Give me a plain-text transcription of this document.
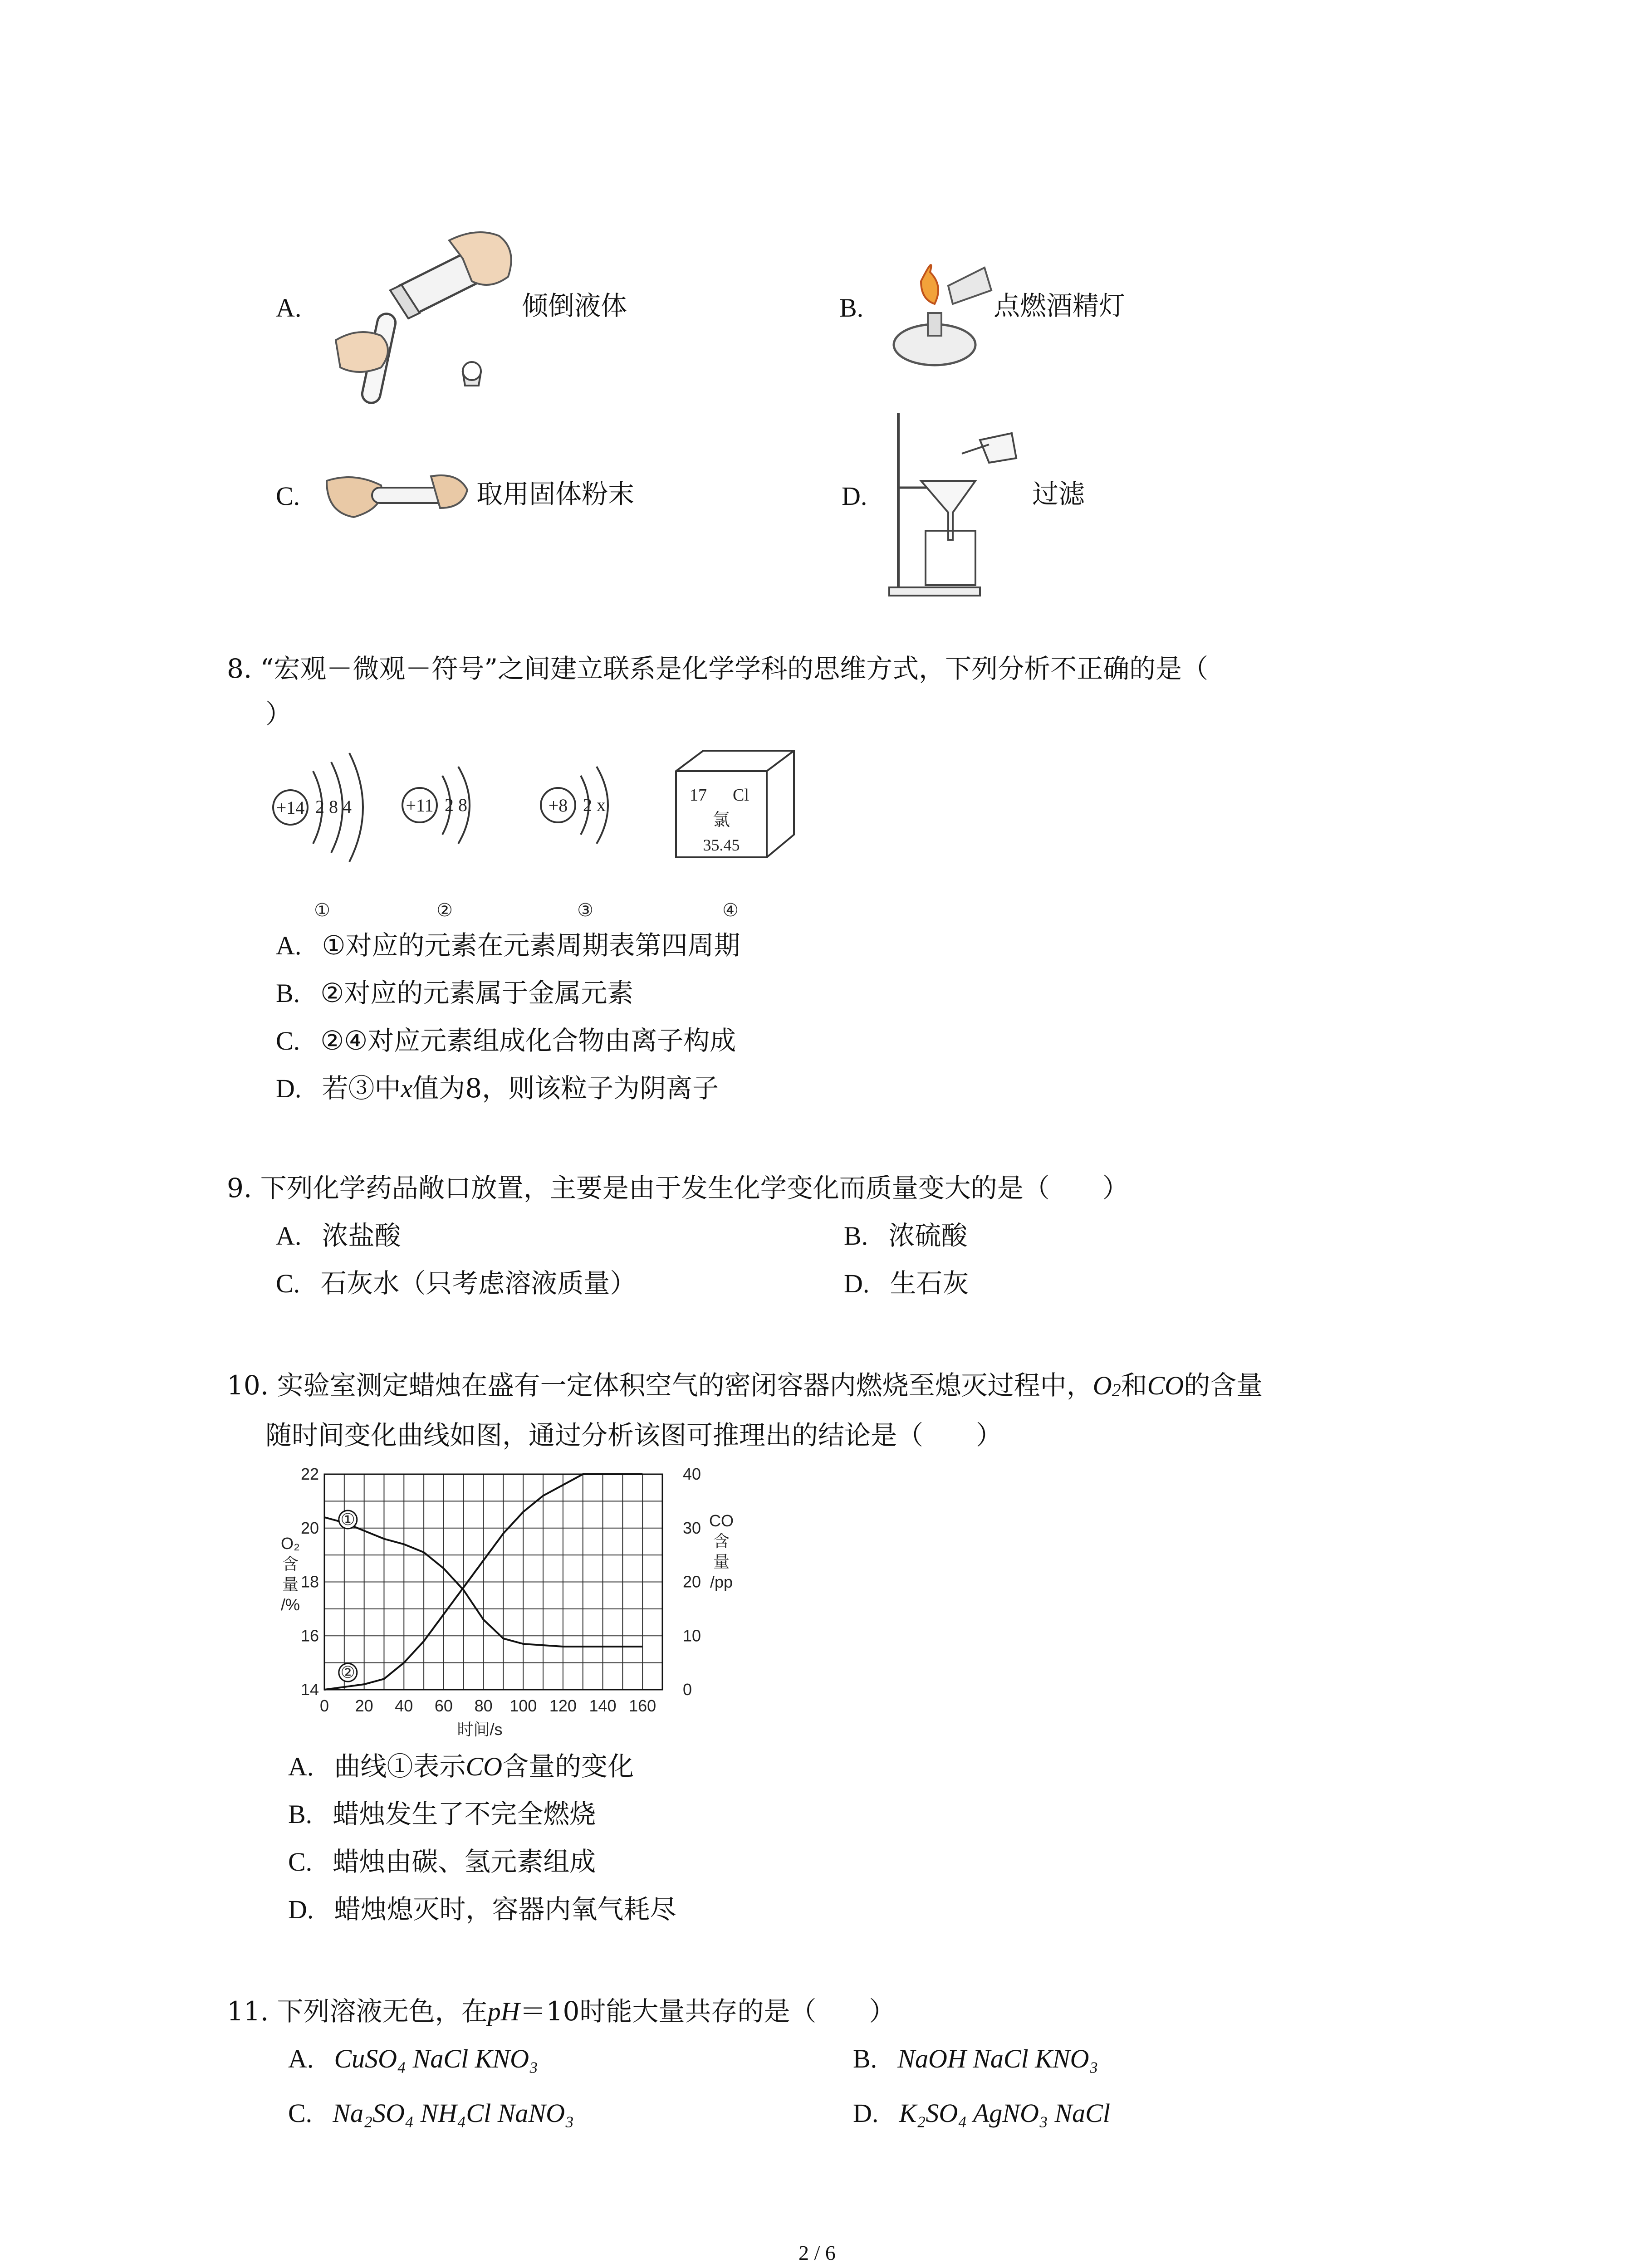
A.	倾倒液体	B.	点燃酒精灯
C.	取用固体粉末	D.	过滤
8. “宏观－微观－符号”之间建立联系是化学学科的思维方式，下列分析不正确的是（
）
+14 2 8 4
①
+11 2 8
②
+8 2 x
③
17 Cl
氯
35.45
④
A. ①对应的元素在元素周期表第四周期
B. ②对应的元素属于金属元素
C. ②④对应元素组成化合物由离子构成
D. 若③中x值为8，则该粒子为阴离子
9. 下列化学药品敞口放置，主要是由于发生化学变化而质量变大的是（　　）
A. 浓盐酸	B. 浓硫酸
C. 石灰水（只考虑溶液质量）	D. 生石灰
10. 实验室测定蜡烛在盛有一定体积空气的密闭容器内燃烧至熄灭过程中，$O_2$和CO的含量
随时间变化曲线如图，通过分析该图可推理出的结论是（　　）
0 20 40 60 80 100 120 140 160
14
16
18
20
22
0
10
20
30
40
时间/s
O₂
含
量
/%
CO
含
量
/pp
①
②
A. 曲线①表示CO含量的变化
B. 蜡烛发生了不完全燃烧
C. 蜡烛由碳、氢元素组成
D. 蜡烛熄灭时，容器内氧气耗尽
11. 下列溶液无色，在pH＝10时能大量共存的是（　　）
A. CuSO₄ NaCl KNO₃	B. NaOH NaCl KNO₃
C. Na₂SO₄ NH₄Cl NaNO₃	D. K₂SO₄ AgNO₃ NaCl
2 / 6
